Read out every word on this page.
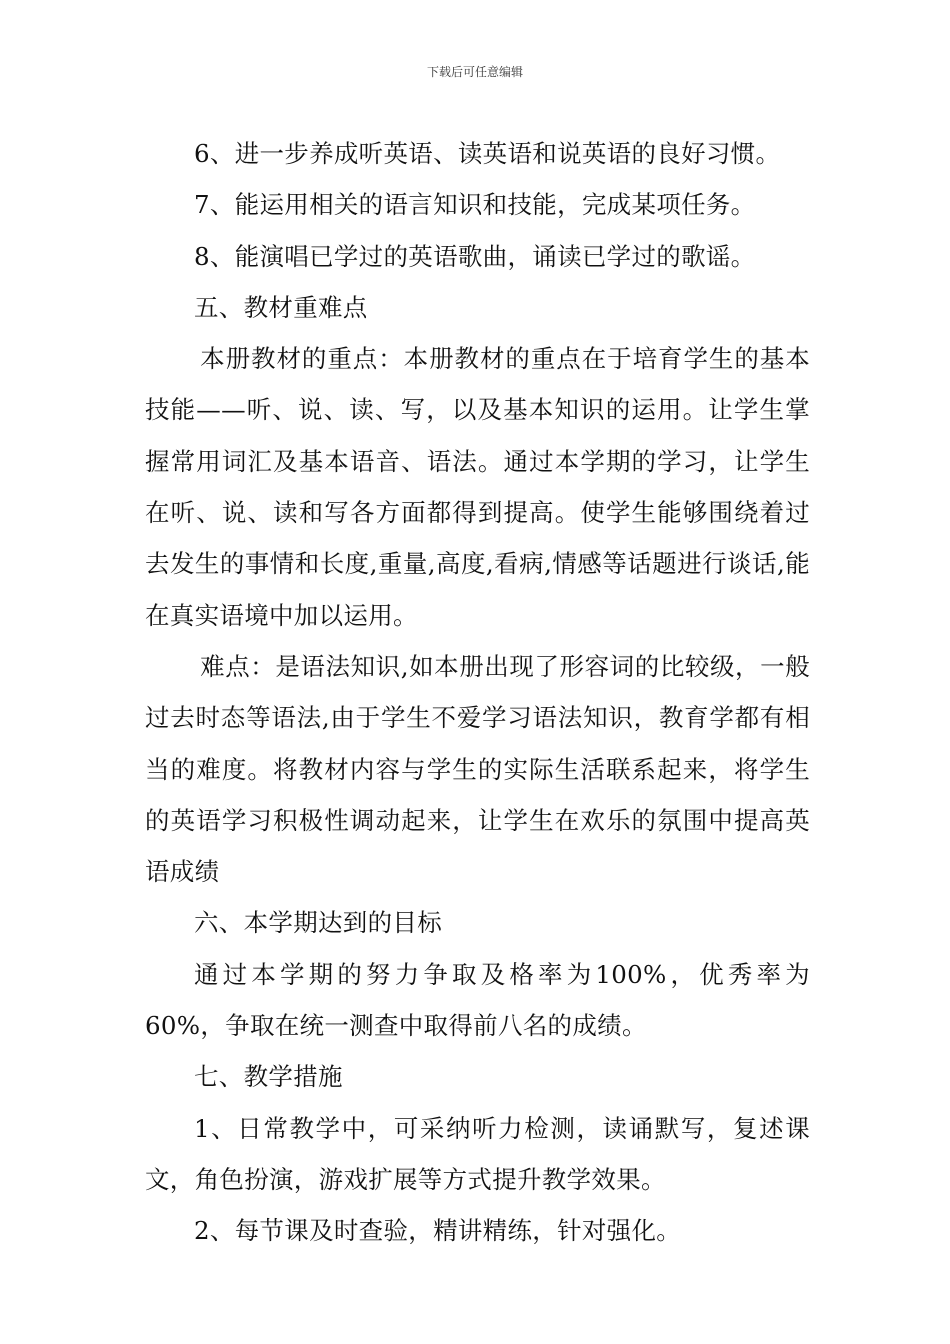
下载后可任意编辑

6、进一步养成听英语、读英语和说英语的良好习惯。

7、能运用相关的语言知识和技能，完成某项任务。

8、能演唱已学过的英语歌曲，诵读已学过的歌谣。

五、教材重难点

本册教材的重点：本册教材的重点在于培育学生的基本技能——听、说、读、写，以及基本知识的运用。让学生掌握常用词汇及基本语音、语法。通过本学期的学习，让学生在听、说、读和写各方面都得到提高。使学生能够围绕着过去发生的事情和长度,重量,高度,看病,情感等话题进行谈话,能在真实语境中加以运用。

难点：是语法知识,如本册出现了形容词的比较级，一般过去时态等语法,由于学生不爱学习语法知识，教育学都有相当的难度。将教材内容与学生的实际生活联系起来，将学生的英语学习积极性调动起来，让学生在欢乐的氛围中提高英语成绩

六、本学期达到的目标

通过本学期的努力争取及格率为100%，优秀率为60%，争取在统一测查中取得前八名的成绩。

七、教学措施

1、日常教学中，可采纳听力检测，读诵默写，复述课文，角色扮演，游戏扩展等方式提升教学效果。

2、每节课及时查验，精讲精练，针对强化。
